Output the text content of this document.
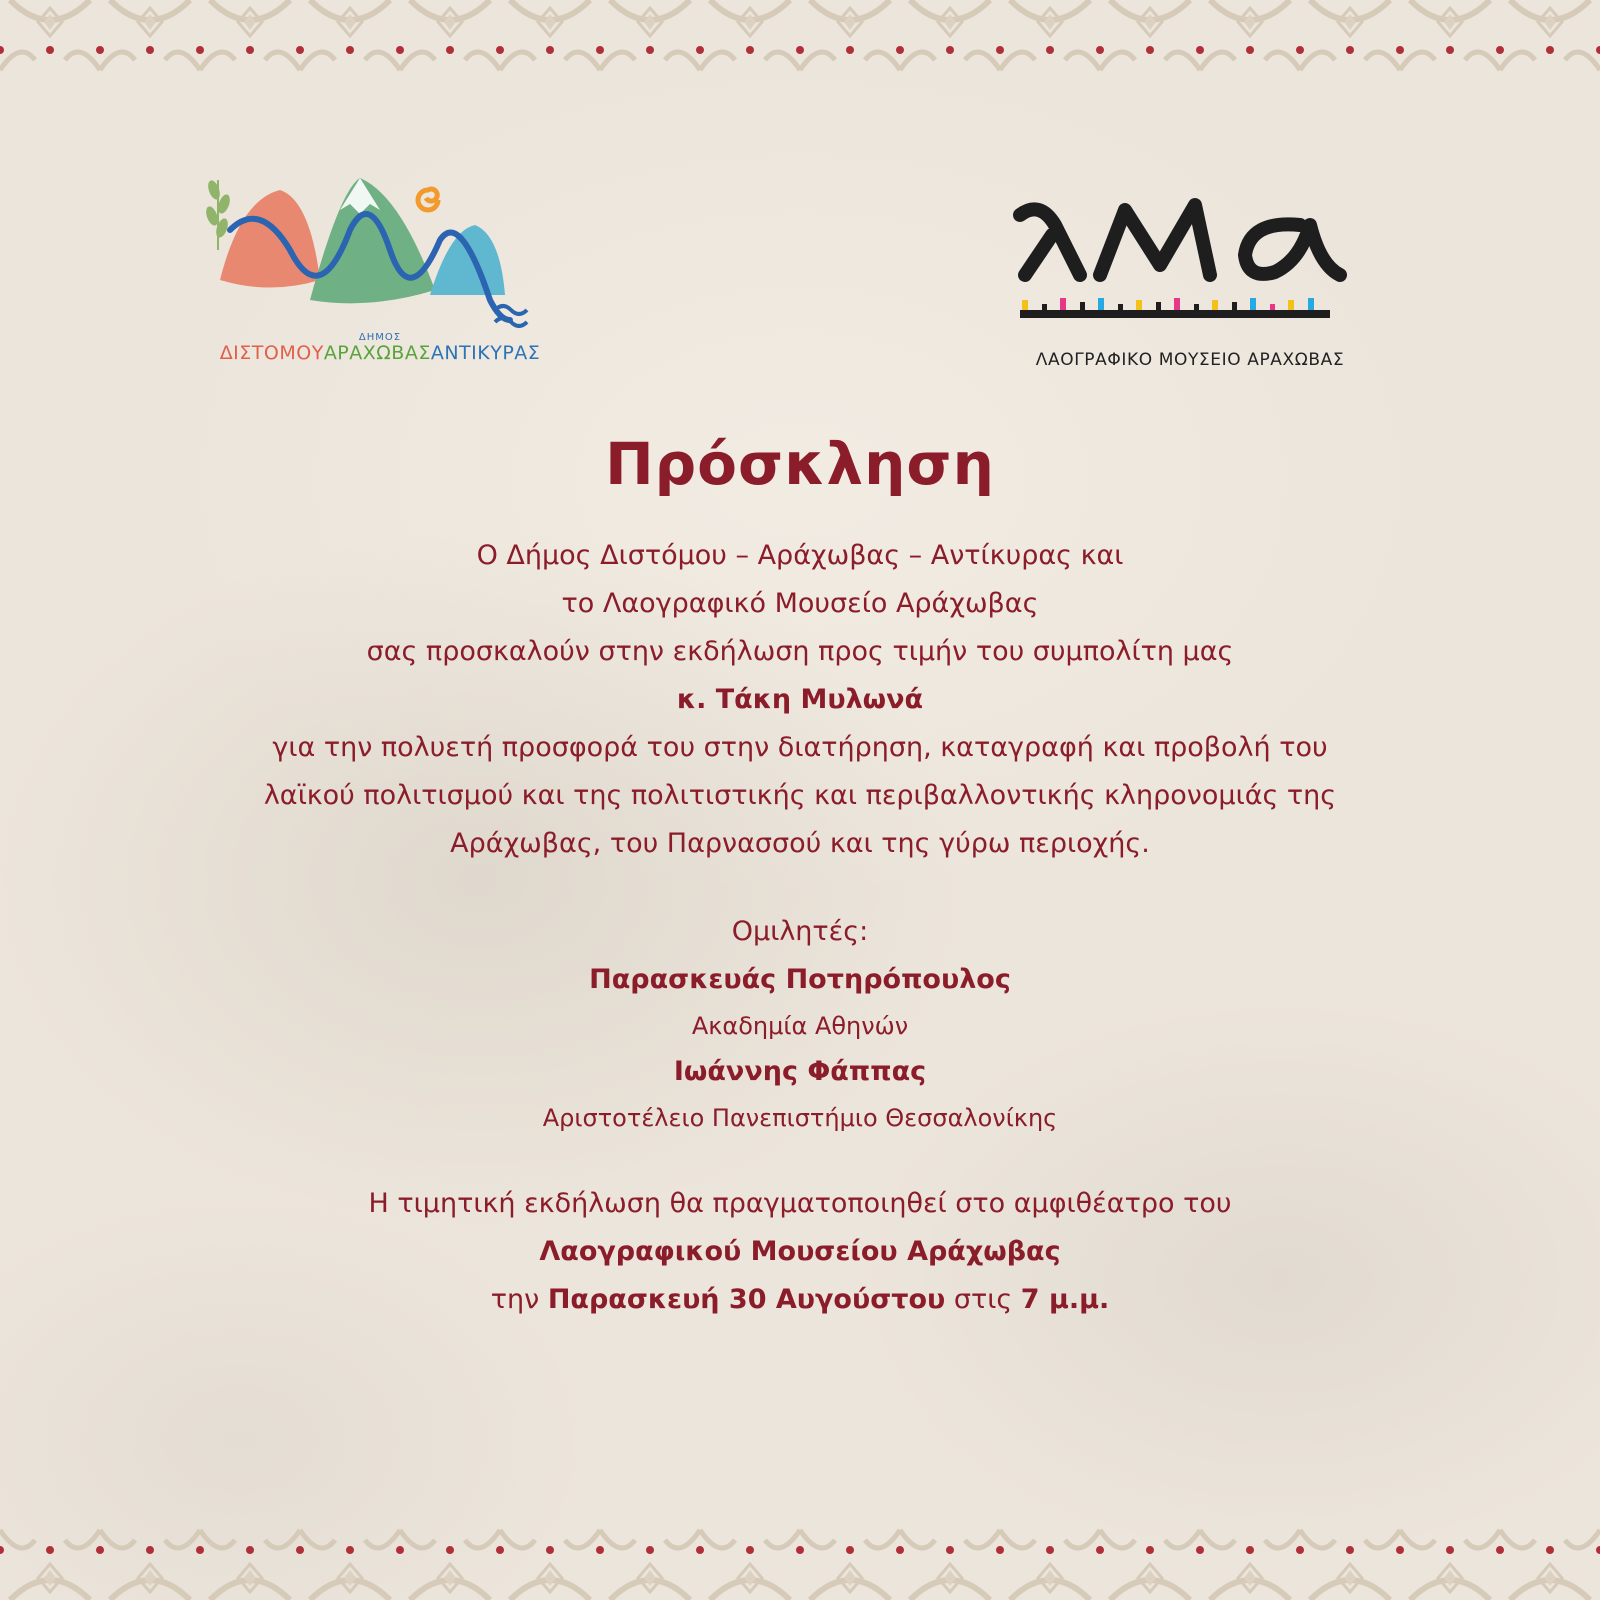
ΔΗΜΟΣ
ΔΙΣΤΟΜΟΥΑΡΑΧΩΒΑΣΑΝΤΙΚΥΡΑΣ	ΛΑΟΓΡΑΦΙΚΟ ΜΟΥΣΕΙΟ ΑΡΑΧΩΒΑΣ
Πρόσκληση

Ο Δήμος Διστόμου – Αράχωβας – Αντίκυρας και

το Λαογραφικό Μουσείο Αράχωβας

σας προσκαλούν στην εκδήλωση προς τιμήν του συμπολίτη μας

κ. Τάκη Μυλωνά

για την πολυετή προσφορά του στην διατήρηση, καταγραφή και προβολή του

λαϊκού πολιτισμού και της πολιτιστικής και περιβαλλοντικής κληρονομιάς της

Αράχωβας, του Παρνασσού και της γύρω περιοχής.

Ομιλητές:

Παρασκευάς Ποτηρόπουλος

Ακαδημία Αθηνών

Ιωάννης Φάππας

Αριστοτέλειο Πανεπιστήμιο Θεσσαλονίκης

Η τιμητική εκδήλωση θα πραγματοποιηθεί στο αμφιθέατρο του

Λαογραφικού Μουσείου Αράχωβας

την Παρασκευή 30 Αυγούστου στις 7 μ.μ.
